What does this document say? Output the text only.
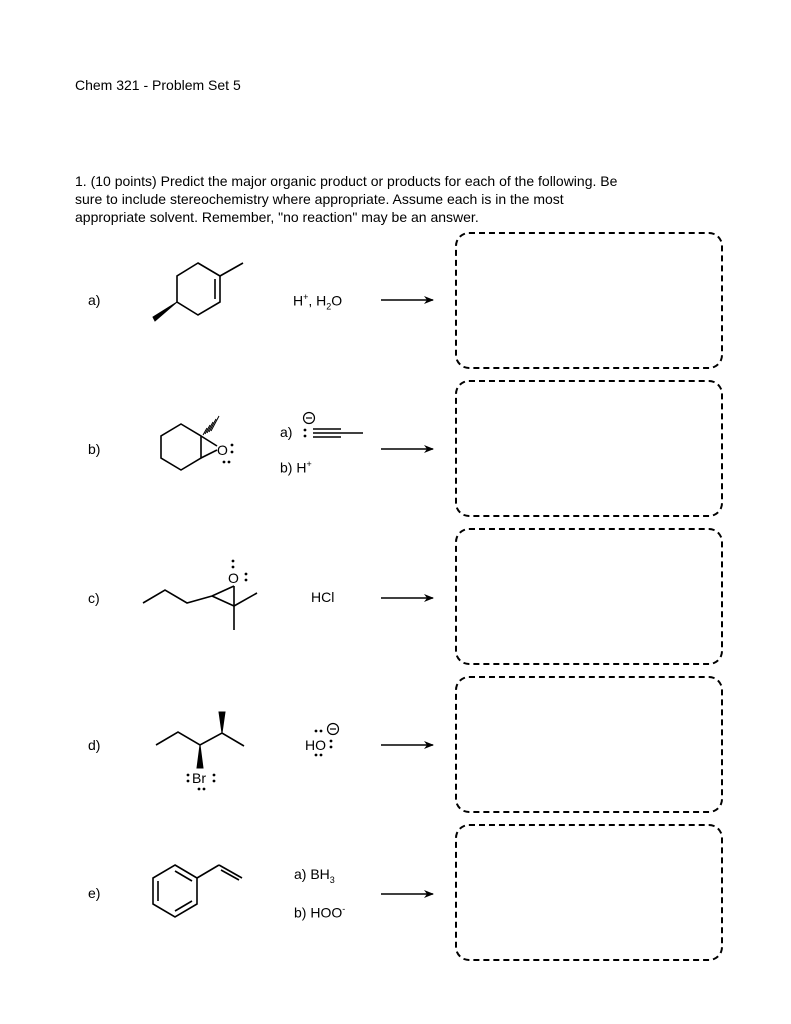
Chem 321 - Problem Set 5

1. (10 points) Predict the major organic product or products for each of the following. Be

sure to include stereochemistry where appropriate. Assume each is in the most

appropriate solvent. Remember, "no reaction" may be an answer.

a)
b)
c)
d)
e)
H+, $H_2O$
a)
b) H+
HCl
HO
a) $BH_3$
b) HOO-
O
O
Br
